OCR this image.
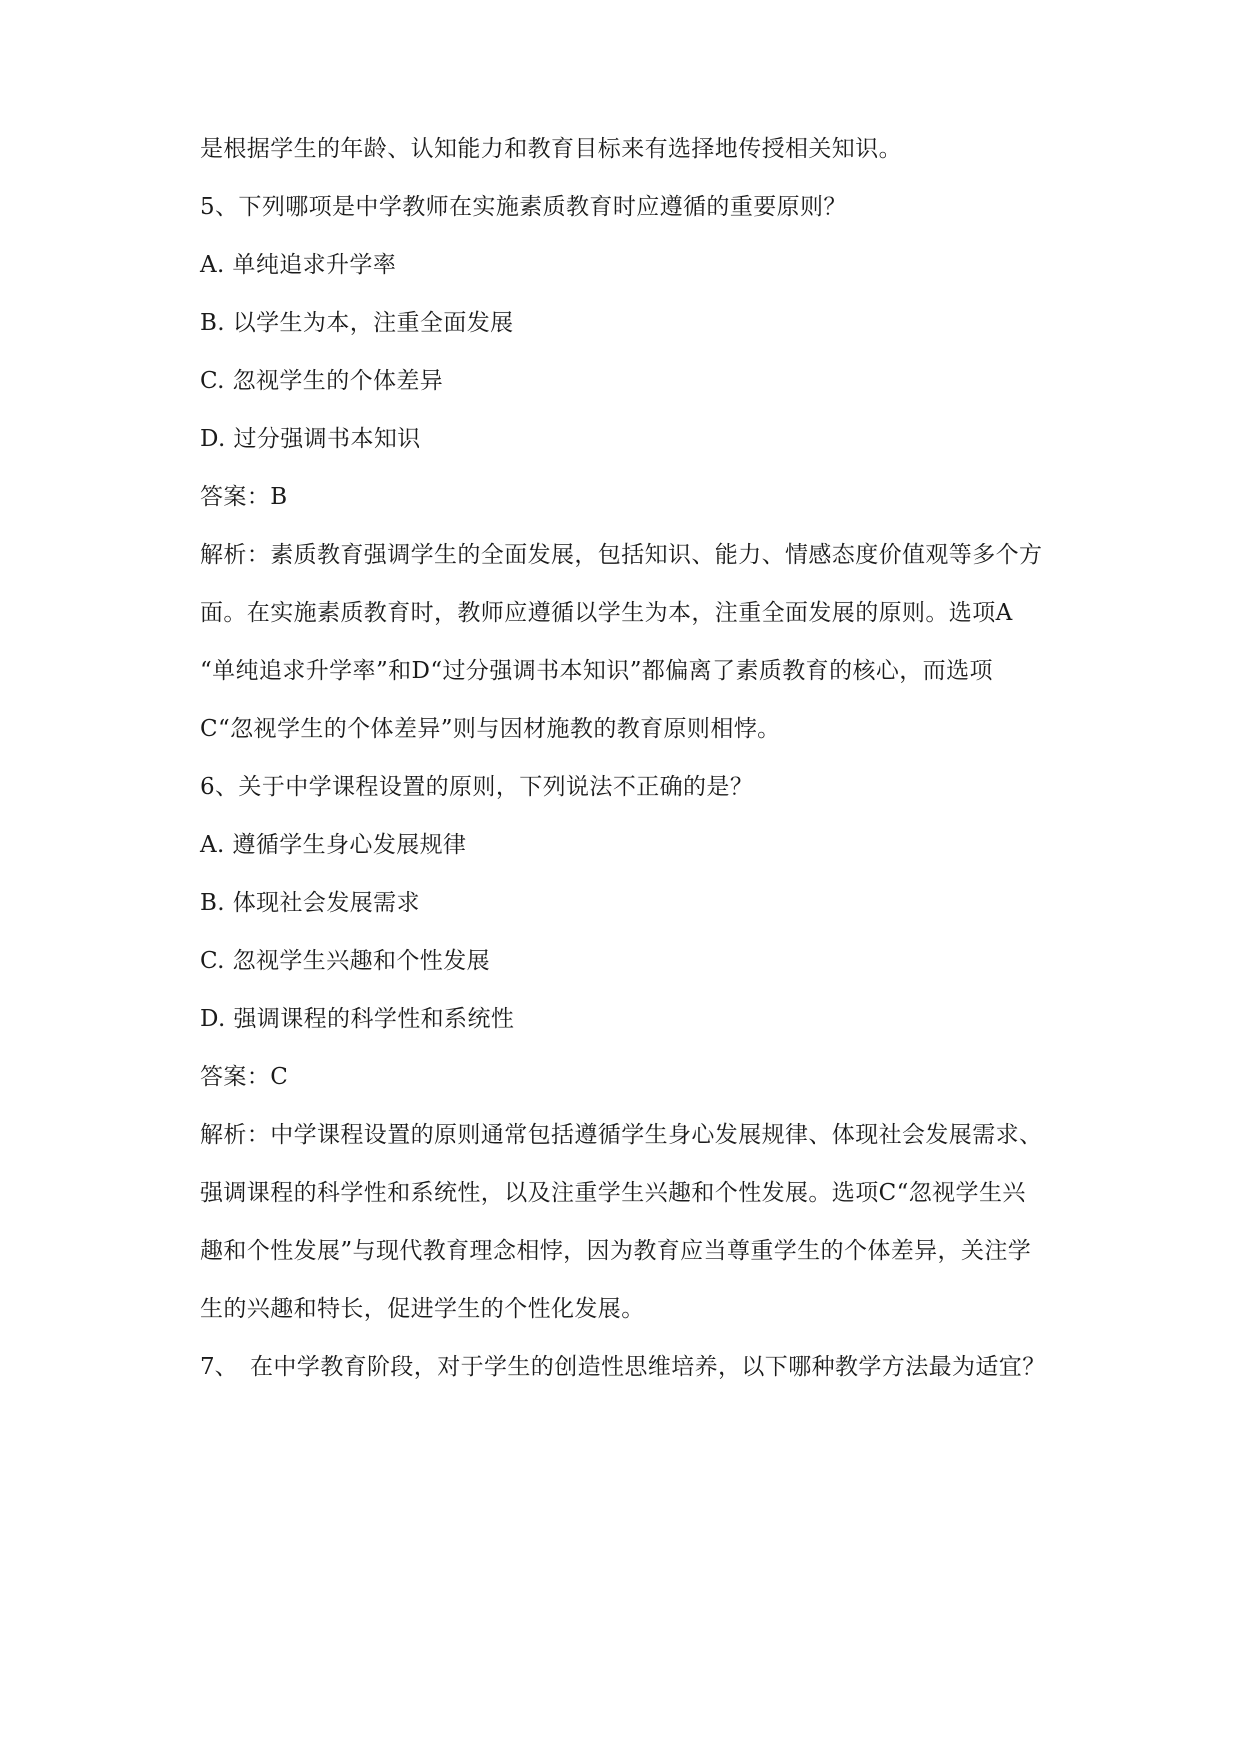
是根据学生的年龄、认知能力和教育目标来有选择地传授相关知识。
5、下列哪项是中学教师在实施素质教育时应遵循的重要原则？
A. 单纯追求升学率
B. 以学生为本，注重全面发展
C. 忽视学生的个体差异
D. 过分强调书本知识
答案：B
解析：素质教育强调学生的全面发展，包括知识、能力、情感态度价值观等多个方
面。在实施素质教育时，教师应遵循以学生为本，注重全面发展的原则。选项A
“单纯追求升学率”和D“过分强调书本知识”都偏离了素质教育的核心，而选项
C“忽视学生的个体差异”则与因材施教的教育原则相悖。
6、关于中学课程设置的原则，下列说法不正确的是？
A. 遵循学生身心发展规律
B. 体现社会发展需求
C. 忽视学生兴趣和个性发展
D. 强调课程的科学性和系统性
答案：C
解析：中学课程设置的原则通常包括遵循学生身心发展规律、体现社会发展需求、
强调课程的科学性和系统性，以及注重学生兴趣和个性发展。选项C“忽视学生兴
趣和个性发展”与现代教育理念相悖，因为教育应当尊重学生的个体差异，关注学
生的兴趣和特长，促进学生的个性化发展。
7、 在中学教育阶段，对于学生的创造性思维培养，以下哪种教学方法最为适宜？
